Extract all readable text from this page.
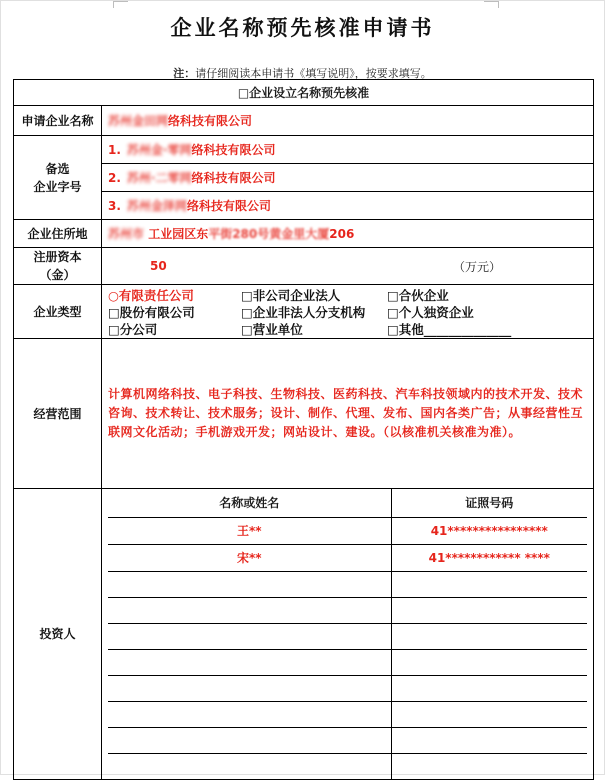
企业名称预先核准申请书
注：请仔细阅读本申请书《填写说明》，按要求填写。
□企业设立名称预先核准
申请企业名称	苏州金田网络科技有限公司
备选
企业字号	1. 苏州金·零网络科技有限公司
2. 苏州·二零网络科技有限公司
3. 苏州金泽网络科技有限公司
企业住所地	苏州市 工业园区东平街280号黄金里大厦206
注册资本（金）	
50	（万元）

企业类型	
○有限责任公司	□非公司企业法人	□合伙企业
□股份有限公司	□企业非法人分支机构	□个人独资企业
□分公司	□营业单位	□其他______________

经营范围	计算机网络科技、电子科技、生物科技、医药科技、汽车科技领域内的技术开发、技术咨询、技术转让、技术服务；设计、制作、代理、发布、国内各类广告；从事经营性互联网文化活动；手机游戏开发；网站设计、建设。（以核准机关核准为准）。
投资人	
名称或姓名	证照号码
王**	41****************
宋**	41************ ****
